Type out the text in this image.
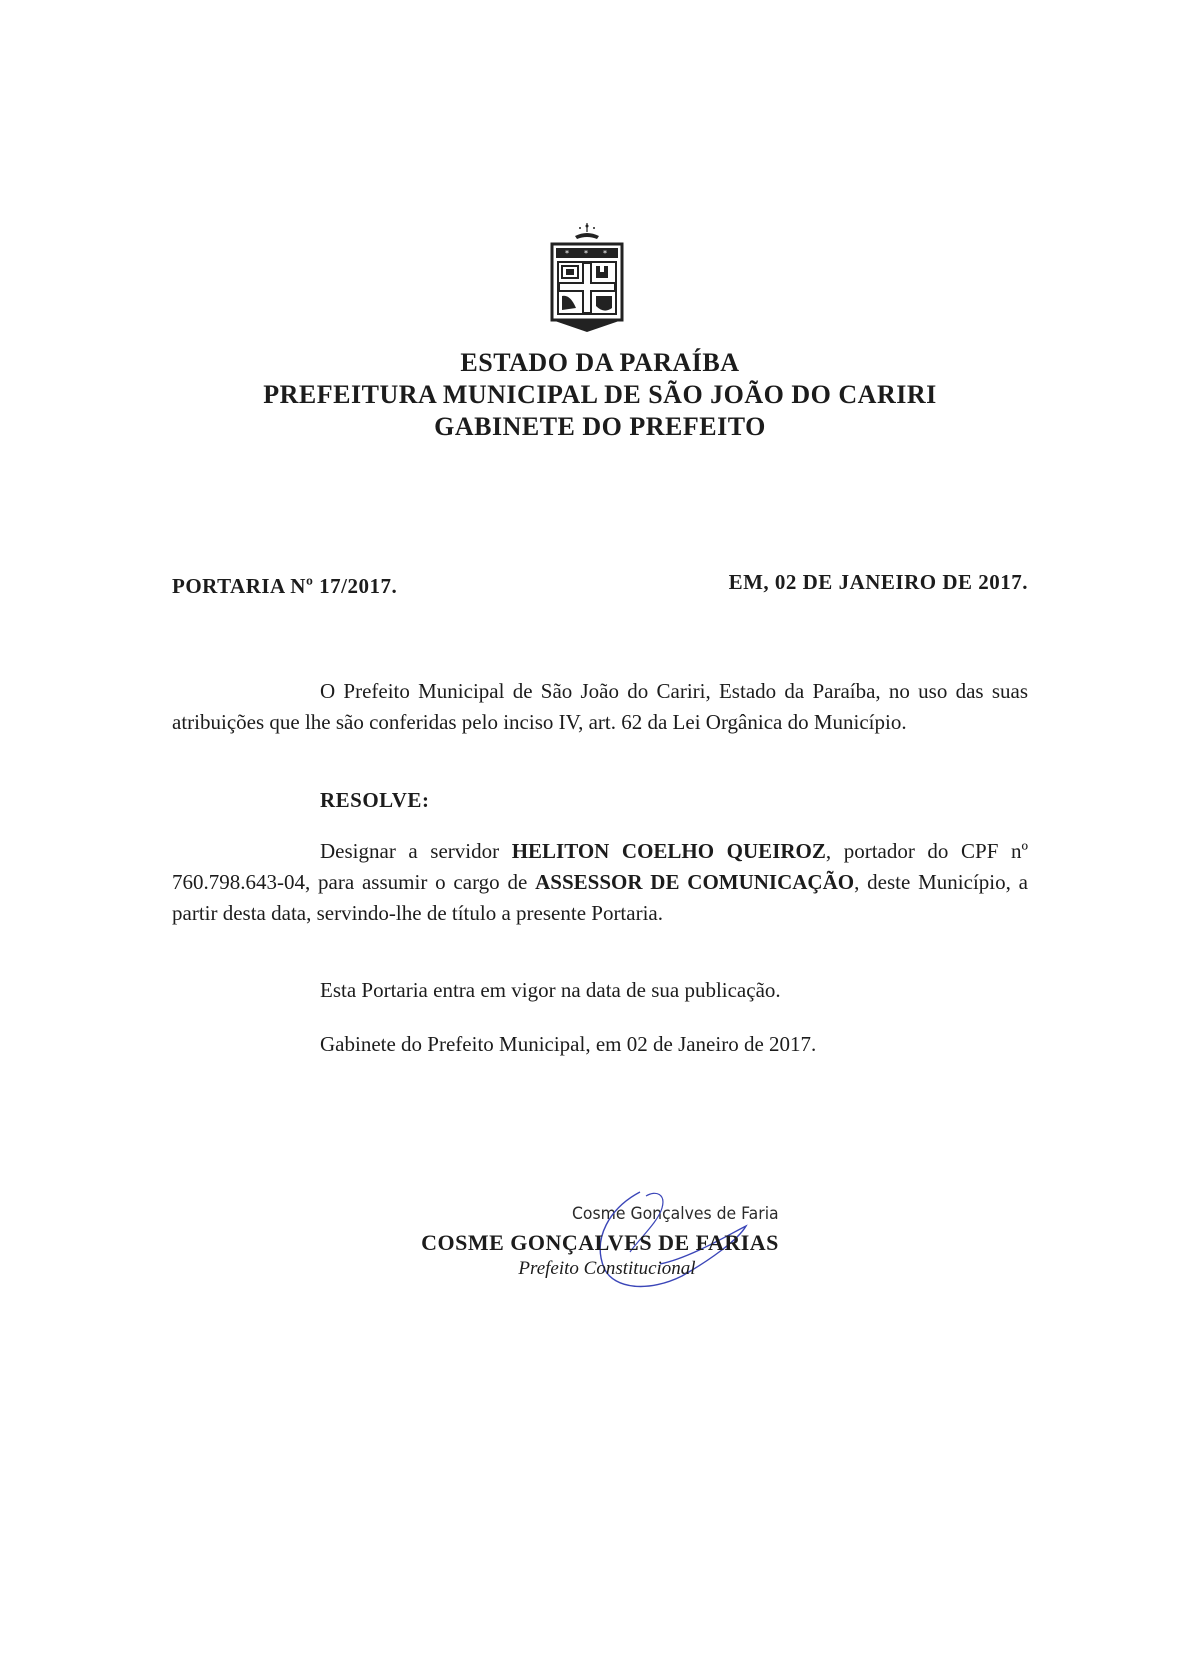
* * *
ESTADO DA PARAÍBA
PREFEITURA MUNICIPAL DE SÃO JOÃO DO CARIRI
GABINETE DO PREFEITO
PORTARIA Nº 17/2017.	EM, 02 DE JANEIRO DE 2017.
O Prefeito Municipal de São João do Cariri, Estado da Paraíba, no uso das suas atribuições que lhe são conferidas pelo inciso IV, art. 62 da Lei Orgânica do Município.
RESOLVE:
Designar a servidor HELITON COELHO QUEIROZ, portador do CPF nº 760.798.643-04, para assumir o cargo de ASSESSOR DE COMUNICAÇÃO, deste Município, a partir desta data, servindo-lhe de título a presente Portaria.
Esta Portaria entra em vigor na data de sua publicação.
Gabinete do Prefeito Municipal, em 02 de Janeiro de 2017.
Cosme Gonçalves de Faria
COSME GONÇALVES DE FARIAS
Prefeito Constitucional
